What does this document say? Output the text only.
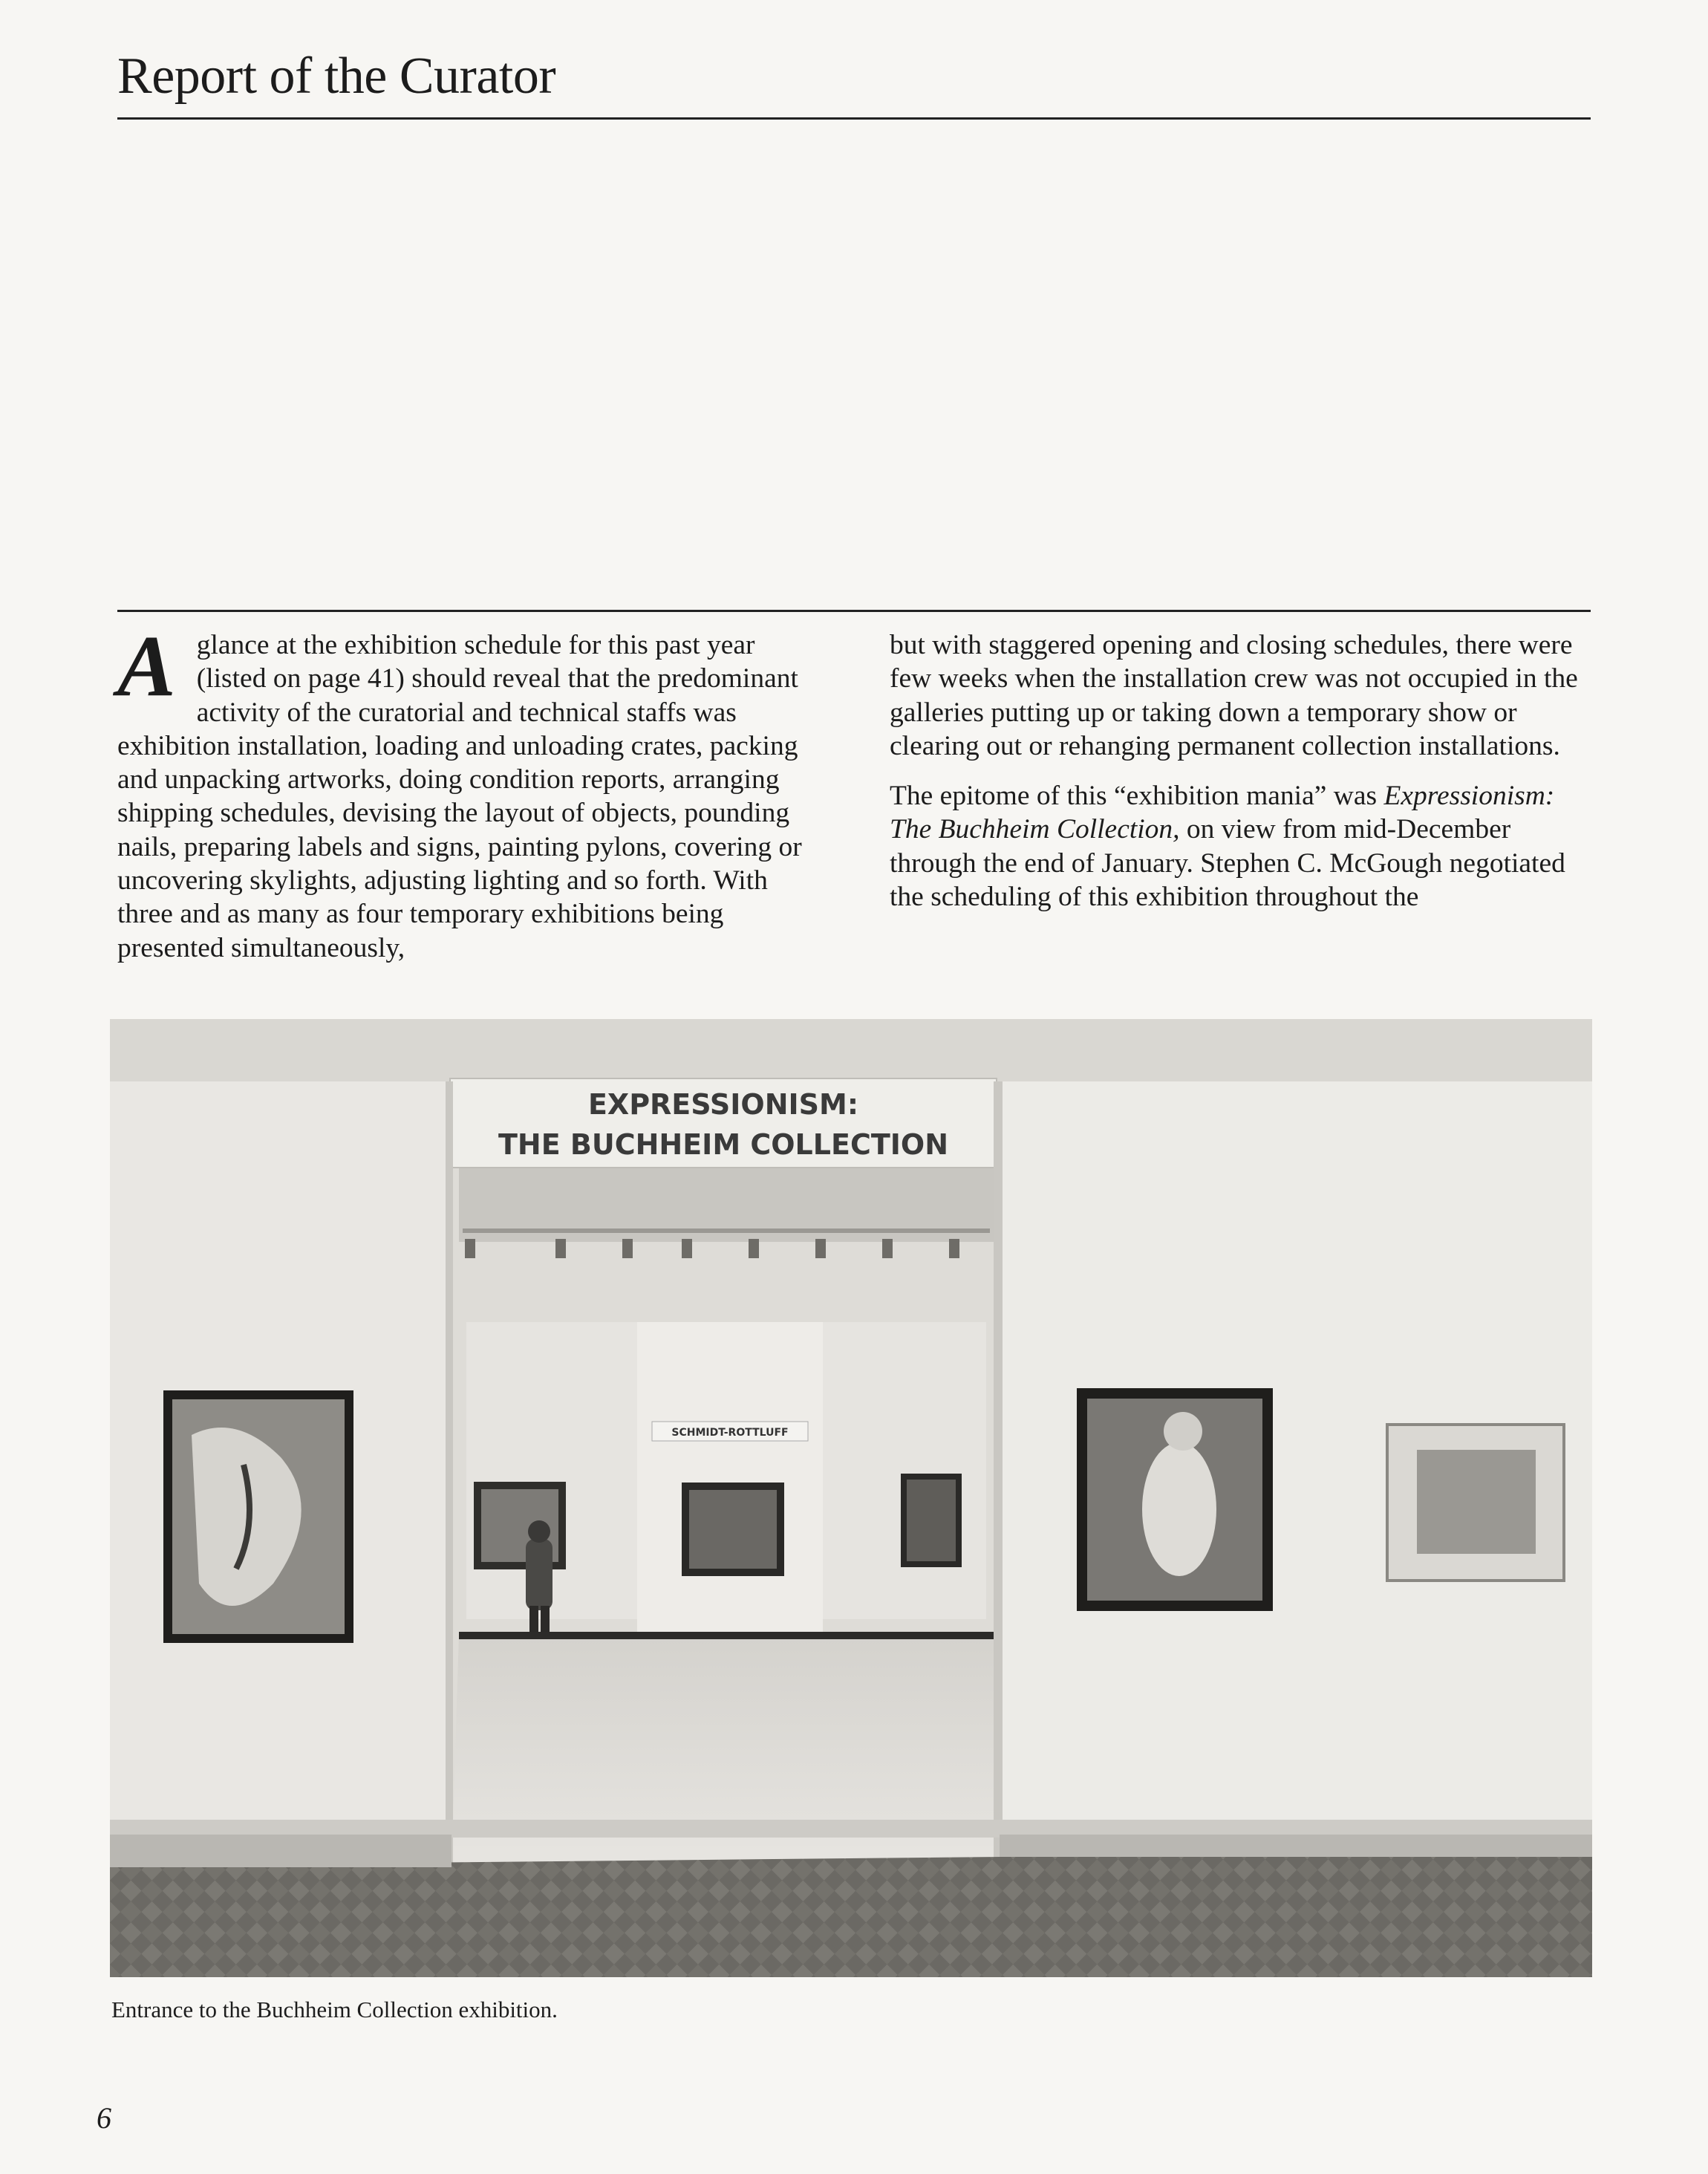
Report of the Curator
A glance at the exhibition schedule for this past year (listed on page 41) should reveal that the predominant activity of the curatorial and technical staffs was exhibition installation, loading and unloading crates, packing and unpacking artworks, doing condition reports, arranging shipping schedules, devising the layout of objects, pounding nails, preparing labels and signs, painting pylons, covering or uncovering skylights, adjusting lighting and so forth. With three and as many as four temporary exhibitions being presented simultaneously,

but with staggered opening and closing schedules, there were few weeks when the installation crew was not occupied in the galleries putting up or taking down a temporary show or clearing out or rehanging permanent collection installations.

The epitome of this “exhibition mania” was Expressionism: The Buchheim Collection, on view from mid-December through the end of January. Stephen C. McGough negotiated the scheduling of this exhibition throughout the

SCHMIDT-ROTTLUFF
EXPRESSIONISM:
THE BUCHHEIM COLLECTION
Entrance to the Buchheim Collection exhibition.
6
